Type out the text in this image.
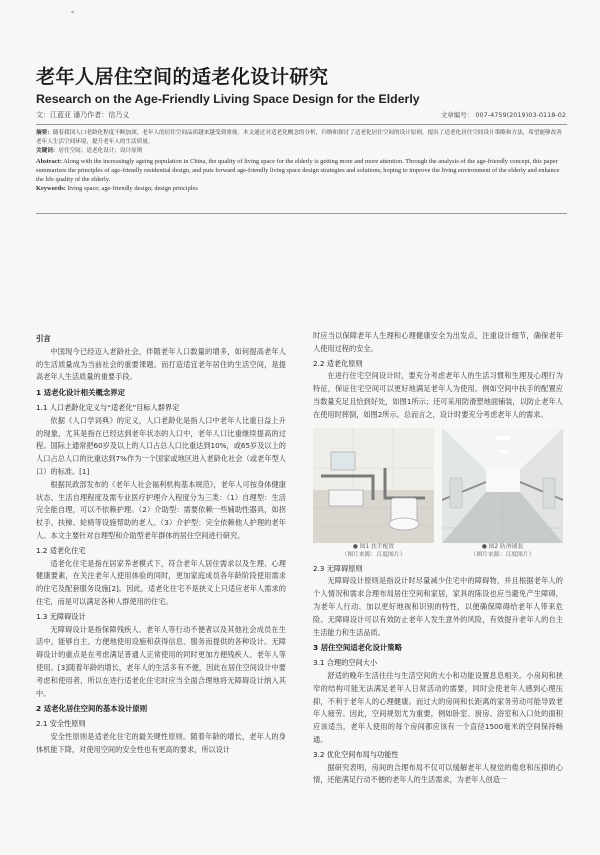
*
老年人居住空间的适老化设计研究
Research on the Age-Friendly Living Space Design for the Elderly
文：江蓝亚 潘乃作者：信乃义	文章编号： 007-4759(2019)03-0118-02

摘要：随着我国人口老龄化程度不断加深，老年人的居住空间品质越来越受到重视。本文通过对适老化概念的分析，归纳和探讨了适老化居住空间的设计原则，提出了适老化居住空间设计策略和方法，希望能够改善老年人生活空间环境，提升老年人的生活质量。

关键词：居住空间；适老化设计；设计原则

Abstract: Along with the increasingly ageing population in China, the quality of living space for the elderly is getting more and more attention. Through the analysis of the age-friendly concept, this paper summarizes the principles of age-friendly residential design, and puts forward age-friendly living space design strategies and solutions, hoping to improve the living environment of the elderly and enhance the life quality of the elderly.

Keywords: living space; age-friendly design; design principles

引言

中国现今已经迈入老龄社会，伴随老年人口数量的增多，如何提高老年人的生活质量成为当前社会的重要课题。而打造适宜老年居住的生活空间，是提高老年人生活质量的重要手段。

1 适老化设计相关概念界定

1.1 人口老龄化定义与“适老化”目标人群界定

依据《人口学词典》的定义，人口老龄化是指人口中老年人比重日益上升的现象，尤其是指在已经达到老年状态的人口中，老年人口比重继续提高的过程。国际上通常把60岁及以上的人口占总人口比重达到10%，或65岁及以上的人口占总人口的比重达到7%作为一个国家或地区进入老龄化社会（或老年型人口）的标准。[1]

根据民政部发布的《老年人社会福利机构基本规范》，老年人可按身体健康状态、生活自理程度及需专业医疗护理介入程度分为三类：（1）自理型：生活完全能自理，可以不依赖护理。（2）介助型：需要依赖一些辅助性器具，如拐杖手、扶梯、轮椅等设施帮助的老人。（3）介护型：完全依赖他人护理的老年人。本文主要针对自理型和介助型老年群体的居住空间进行研究。

1.2 适老化住宅

适老化住宅是指在居家养老模式下，符合老年人居住需求以及生理、心理健康要素，在关注老年人使用体验的同时，更加家庭成员各年龄阶段使用需求的住宅及配套服务设施[2]。因此，适老化住宅不是狭义上只适应老年人需求的住宅，而是可以满足各种人群使用的住宅。

1.3 无障碍设计

无障碍设计是指保障残疾人、老年人等行动不便者以及其他社会成员在生活中，能够自主、方便地使用设施和获得信息、服务而提供的各种设计。无障碍设计的重点是在考虑满足普通人正常使用的同时更加方便残疾人、老年人等使用。[3]随着年龄的增长，老年人的生活多有不便，因此在居住空间设计中要考虑和使用者，所以在进行适老化住宅时应当全面合理地将无障碍设计纳入其中。

2 适老化居住空间的基本设计原则

2.1 安全性原则

安全性原则是适老化住宅的最关键性原则。随着年龄的增长，老年人的身体机能下降，对使用空间的安全性也有更高的要求，所以设计

时应当以保障老年人生理和心理健康安全为出发点，注重设计细节，确保老年人使用过程的安全。

2.2 适老化原则

在进行住宅空间设计时，要充分考虑老年人的生活习惯和生理及心理行为特征，保证住宅空间可以更好地满足老年人为使用。例如空间中扶手的配置应当数量充足且恰到好处，如图1所示；还可采用防滑塑地面铺装，以防止老年人在使用时摔倒，如图2所示。总而言之，设计时要充分考虑老年人的需求。

● 图1 扶手配置
（图片来源：百度图片）
● 图2 防滑铺装
（图片来源：百度图片）

2.3 无障碍原则

无障碍设计原则是指设计时尽量减少住宅中的障碍物，并且根据老年人的个人情况和需求合理布局居住空间和家居，家具的陈设也应当避免产生障碍，为老年人行动、加以更好地视和识别的特性，以便确保障碍给老年人带来危险。无障碍设计可以有效防止老年人发生意外的风险，有效提升老年人的自主生活能力和生活品质。

3 居住空间适老化设计策略

3.1 合理的空间大小

舒适的晚年生活往往与生活空间的大小和功能设置息息相关。小房间和狭窄的结构可能无法满足老年人日常活动的需要，同时会使老年人感到心理压抑，不利于老年人的心理健康。而过大的房间和长距离的家务劳动可能导致老年人疲劳。因此，空间规划尤为重要，例如卧室、厨房、浴室和入口处的面积应该适当，老年人使用的每个房间都应该有一个直径1500毫米的空间保持畅通。

3.2 优化空间布局与功能性

据研究表明，房间的合理布局不仅可以缓解老年人视觉的倦怠和压抑的心情，还能满足行动不便的老年人的生活需求，为老年人创造一
